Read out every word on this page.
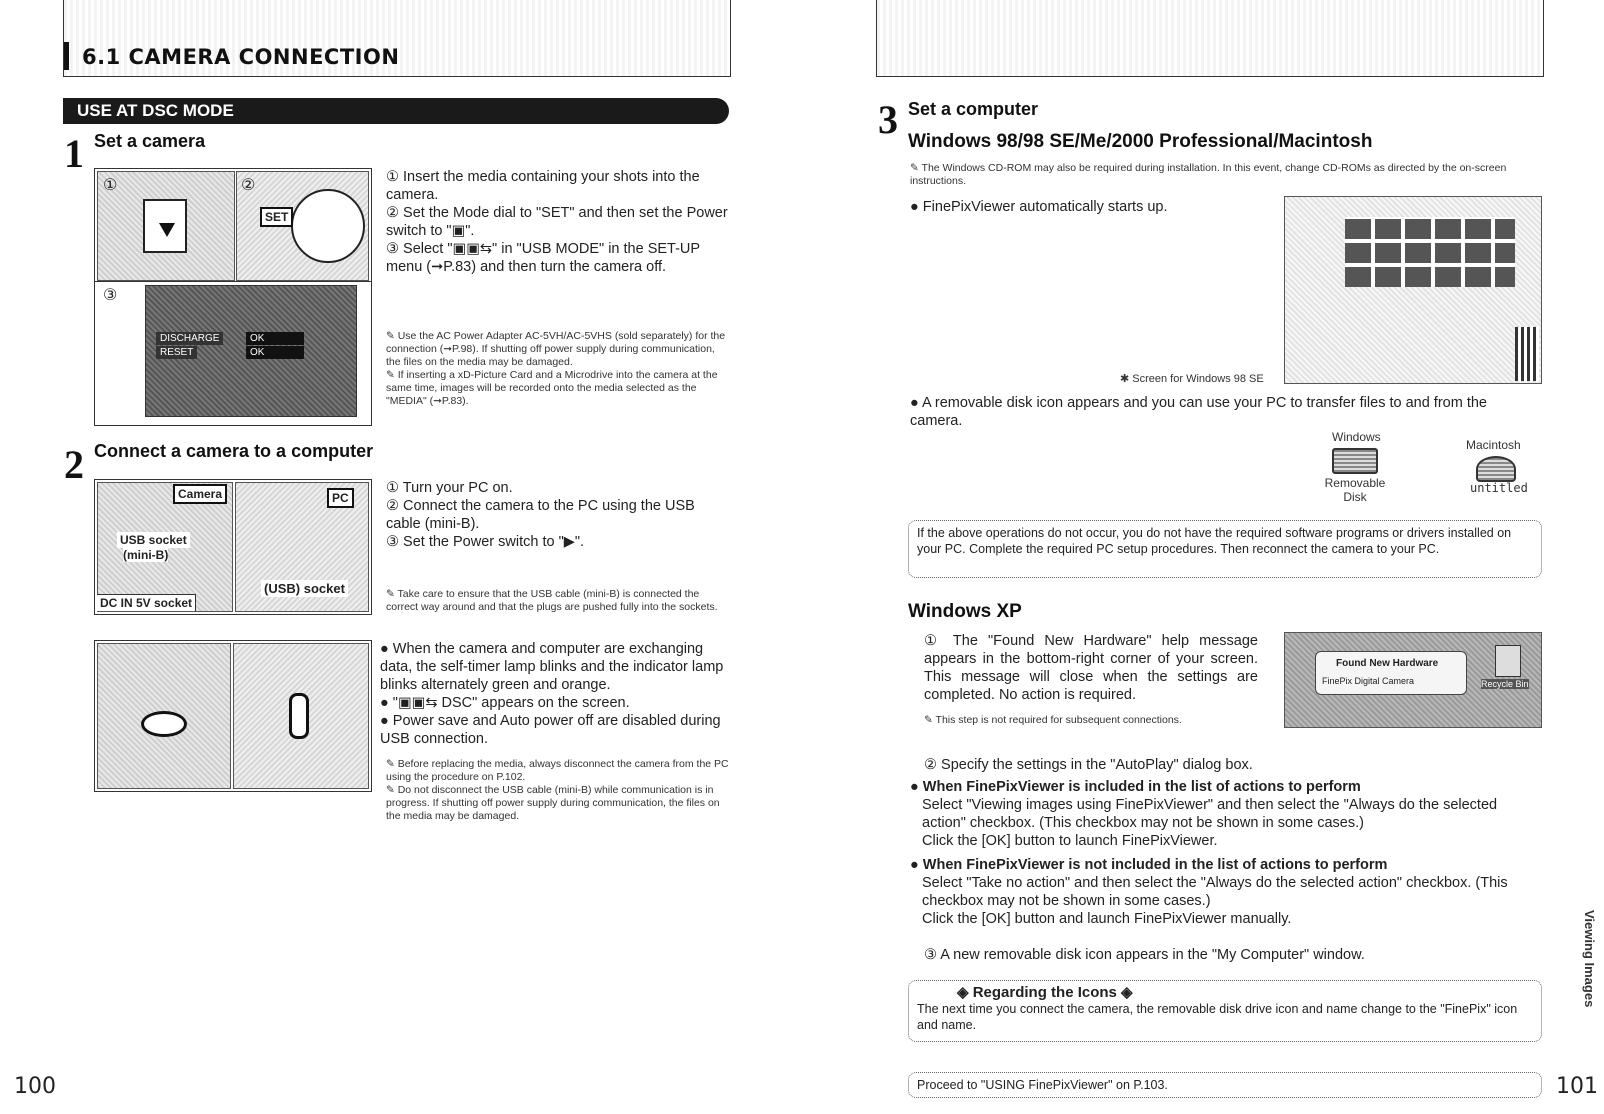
6.1 CAMERA CONNECTION
USE AT DSC MODE
1 Set a camera
①	②
SET
③
DISCHARGE
RESET
OK
OK
① Insert the media containing your shots into the camera.
② Set the Mode dial to "SET" and then set the Power switch to "▣".
③ Select "▣▣⇆" in "USB MODE" in the SET-UP menu (➞P.83) and then turn the camera off.
✎ Use the AC Power Adapter AC-5VH/AC-5VHS (sold separately) for the connection (➞P.98). If shutting off power supply during communication, the files on the media may be damaged.
✎ If inserting a xD-Picture Card and a Microdrive into the camera at the same time, images will be recorded onto the media selected as the "MEDIA" (➞P.83).
2 Connect a camera to a computer
Camera
USB socket
(mini-B)
DC IN 5V socket
PC
(USB) socket
① Turn your PC on.
② Connect the camera to the PC using the USB cable (mini-B).
③ Set the Power switch to "▶".
✎ Take care to ensure that the USB cable (mini-B) is connected the correct way around and that the plugs are pushed fully into the sockets.
● When the camera and computer are exchanging data, the self-timer lamp blinks and the indicator lamp blinks alternately green and orange.
● "▣▣⇆ DSC" appears on the screen.
● Power save and Auto power off are disabled during USB connection.
✎ Before replacing the media, always disconnect the camera from the PC using the procedure on P.102.
✎ Do not disconnect the USB cable (mini-B) while communication is in progress. If shutting off power supply during communication, the files on the media may be damaged.
100
3 Set a computer
Windows 98/98 SE/Me/2000 Professional/Macintosh
✎ The Windows CD-ROM may also be required during installation. In this event, change CD-ROMs as directed by the on-screen instructions.
● FinePixViewer automatically starts up.
✱ Screen for Windows 98 SE
● A removable disk icon appears and you can use your PC to transfer files to and from the camera.
Windows
Removable Disk
Macintosh
untitled
If the above operations do not occur, you do not have the required software programs or drivers installed on your PC. Complete the required PC setup procedures. Then reconnect the camera to your PC.
Windows XP
① The "Found New Hardware" help message appears in the bottom-right corner of your screen. This message will close when the settings are completed. No action is required.
✎ This step is not required for subsequent connections.
Found New Hardware
FinePix Digital Camera	Recycle Bin
② Specify the settings in the "AutoPlay" dialog box.
● When FinePixViewer is included in the list of actions to perform
Select "Viewing images using FinePixViewer" and then select the "Always do the selected action" checkbox. (This checkbox may not be shown in some cases.)
Click the [OK] button to launch FinePixViewer.
● When FinePixViewer is not included in the list of actions to perform
Select "Take no action" and then select the "Always do the selected action" checkbox. (This checkbox may not be shown in some cases.)
Click the [OK] button and launch FinePixViewer manually.
③ A new removable disk icon appears in the "My Computer" window.
◈ Regarding the Icons ◈
The next time you connect the camera, the removable disk drive icon and name change to the "FinePix" icon and name.
Proceed to "USING FinePixViewer" on P.103.
Viewing Images
101
